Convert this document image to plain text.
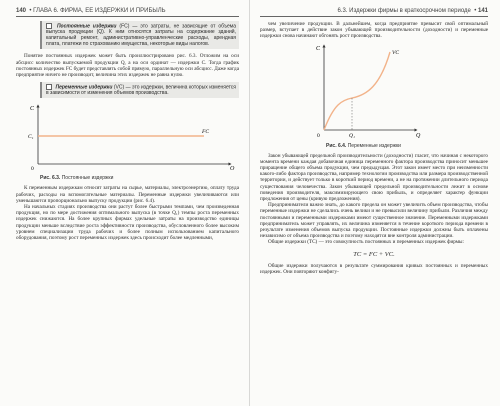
140  • ГЛАВА 6. ФИРМА, ЕЕ ИЗДЕРЖКИ И ПРИБЫЛЬ
Постоянные издержки (FC) — это затраты, не зависящие от объема выпуска продукции (Q). К ним относятся затраты на содержание зданий, капитальный ремонт, административно-управленческие расходы, арендная плата, платежи по страхованию имущества, некоторые виды налогов.

Понятие постоянных издержек может быть проиллюстрировано рис. 6.3. Отложим на оси абсцисс количество выпускаемой продукции Q, а на оси ординат — издержки С. Тогда график постоянных издержек FC будет представлять собой прямую, параллельную оси абсцисс. Даже когда предприятие ничего не производит, величина этих издержек не равна нулю.

Переменные издержки (VC) — это издержки, величина которых изменяется в зависимости от изменения объемов производства.
C
Q
0
C₁
FC
Рис. 6.3. Постоянные издержки

К переменным издержкам относят затраты на сырье, материалы, электроэнергию, оплату труда рабочих, расходы на вспомогательные материалы. Переменные издержки увеличиваются или уменьшаются пропорционально выпуску продукции (рис. 6.4).

На начальных стадиях производства они растут более быстрыми темпами, чем произведенная продукция, но по мере достижения оптимального выпуска (в точке Q₁) темпы роста переменных издержек снижаются. На более крупных фирмах удельные затраты на производство единицы продукции меньше вследствие роста эффективности производства, обусловленного более высоким уровнем специализации труда рабочих и более полным использованием капитального оборудования, поэтому рост переменных издержек здесь происходит более медленными,

6.3. Издержки фирмы в краткосрочном периоде  • 141

чем увеличение продукции. В дальнейшем, когда предприятие превысит свой оптимальный размер, вступает в действие закон убывающей производительности (доходности) и переменные издержки снова начинают обгонять рост производства.

C
Q
0	Q₁
VC
Рис. 6.4. Переменные издержки

Закон убывающей предельной производительности (доходности) гласит, что начиная с некоторого момента времени каждая добавочная единица переменного фактора производства приносит меньшее приращение общего объема продукции, чем предыдущая. Этот закон имеет место при неизменности какого-либо фактора производства, например технологии производства или размера производственной территории, и действует только в короткий период времени, а не на протяжении длительного периода существования человечества. Закон убывающей предельной производительности лежит в основе поведения производителя, максимизирующего свою прибыль, и определяет характер функции предложения от цены (кривую предложения).

Предприниматели важно знать, до какого предела он может увеличить объем производства, чтобы переменные издержки не сделались очень велики и не превысили величину прибыли. Различия между постоянными и переменными издержками имеют существенное значение. Переменными издержками предприниматель может управлять, их величина изменяется в течение короткого периода времени в результате изменения объемов выпуска продукции. Постоянные издержки должны быть оплачены независимо от объема производства и поэтому находятся вне контроля администрации.

Общие издержки (TC) — это совокупность постоянных и переменных издержек фирмы:

TC = FC + VC.

Общие издержки получаются в результате суммирования кривых постоянных и переменных издержек. Они повторяют конфигу-
